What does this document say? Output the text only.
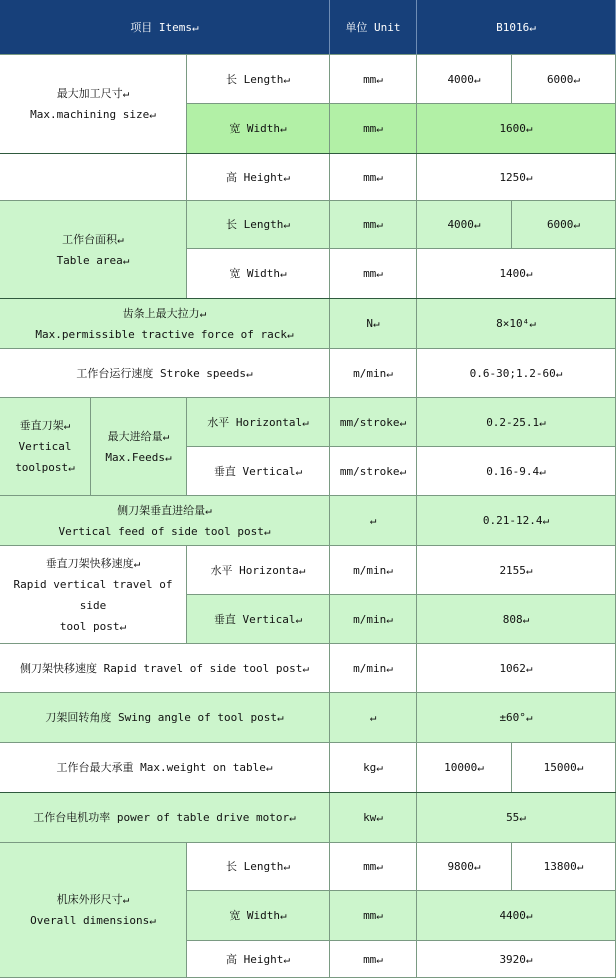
项目 Items↵	单位 Unit	B1016↵
最大加工尺寸↵
Max.machining size↵
长 Length↵	mm↵	4000↵	6000↵
宽 Width↵	mm↵	1600↵
高 Height↵	mm↵	1250↵
工作台面积↵
Table area↵
长 Length↵	mm↵	4000↵	6000↵
宽 Width↵	mm↵	1400↵
齿条上最大拉力↵
Max.permissible tractive force of rack↵
N↵	8×10⁴↵
工作台运行速度 Stroke speeds↵	m/min↵	0.6-30;1.2-60↵
垂直刀架↵
Vertical
toolpost↵
最大进给量↵
Max.Feeds↵
水平 Horizontal↵	mm/stroke↵	0.2-25.1↵
垂直 Vertical↵	mm/stroke↵	0.16-9.4↵
侧刀架垂直进给量↵
Vertical feed of side tool post↵
↵	0.21-12.4↵
垂直刀架快移速度↵
Rapid vertical travel of side
tool post↵
水平 Horizonta↵	m/min↵	2155↵
垂直 Vertical↵	m/min↵	808↵
侧刀架快移速度 Rapid travel of side tool post↵	m/min↵	1062↵
刀架回转角度 Swing angle of tool post↵	↵	±60°↵
工作台最大承重 Max.weight on table↵	kg↵	10000↵	15000↵
工作台电机功率 power of table drive motor↵	kw↵	55↵
机床外形尺寸↵
Overall dimensions↵
长 Length↵	mm↵	9800↵	13800↵
宽 Width↵	mm↵	4400↵
高 Height↵	mm↵	3920↵
